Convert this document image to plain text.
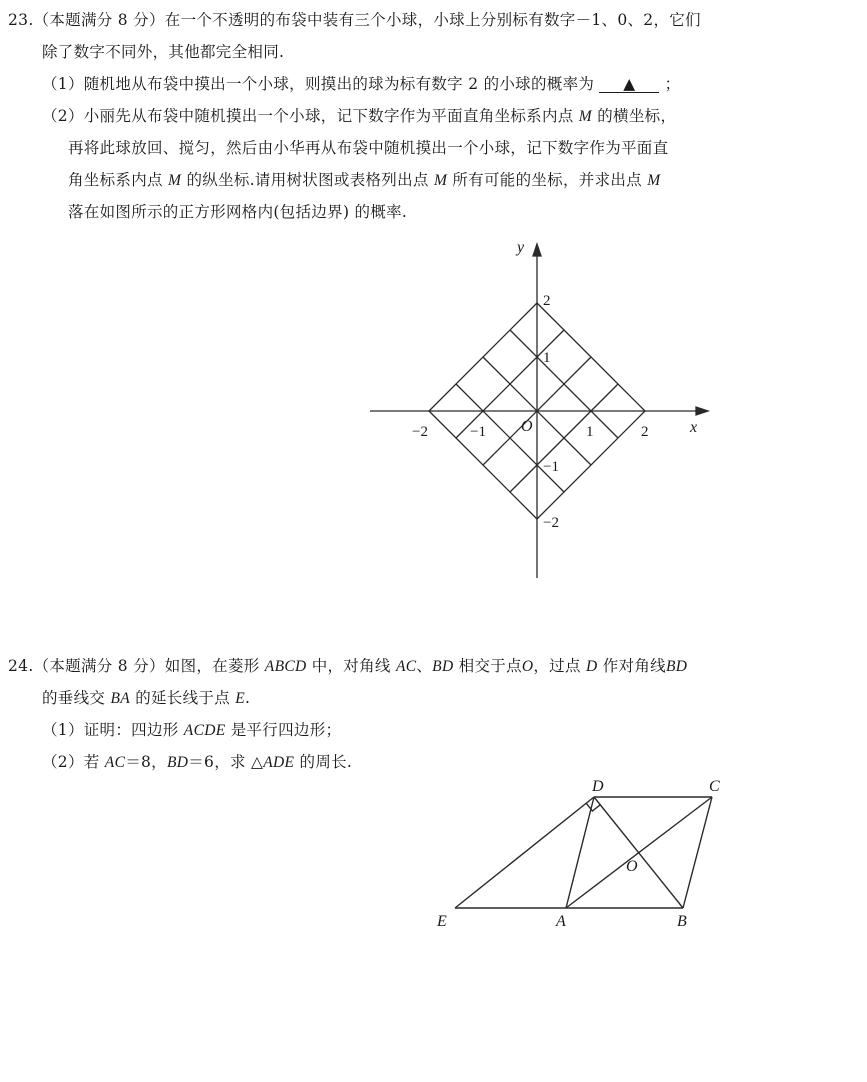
23.（本题满分 8 分）在一个不透明的布袋中装有三个小球，小球上分别标有数字－1、0、2，它们
除了数字不同外，其他都完全相同.
（1）随机地从布袋中摸出一个小球，则摸出的球为标有数字 2 的小球的概率为 ▲ ；
（2）小丽先从布袋中随机摸出一个小球，记下数字作为平面直角坐标系内点 M 的横坐标，
再将此球放回、搅匀，然后由小华再从布袋中随机摸出一个小球，记下数字作为平面直
角坐标系内点 M 的纵坐标.请用树状图或表格列出点 M 所有可能的坐标，并求出点 M
落在如图所示的正方形网格内(包括边界) 的概率.
y
x
O
−2	−1	1	2
2
1
−1
−2
24.（本题满分 8 分）如图，在菱形 ABCD 中，对角线 AC、BD 相交于点O，过点 D 作对角线BD
的垂线交 BA 的延长线于点 E.
（1）证明：四边形 ACDE 是平行四边形；
（2）若 AC＝8，BD＝6，求 △ADE 的周长.
D	C
O
E	A	B
